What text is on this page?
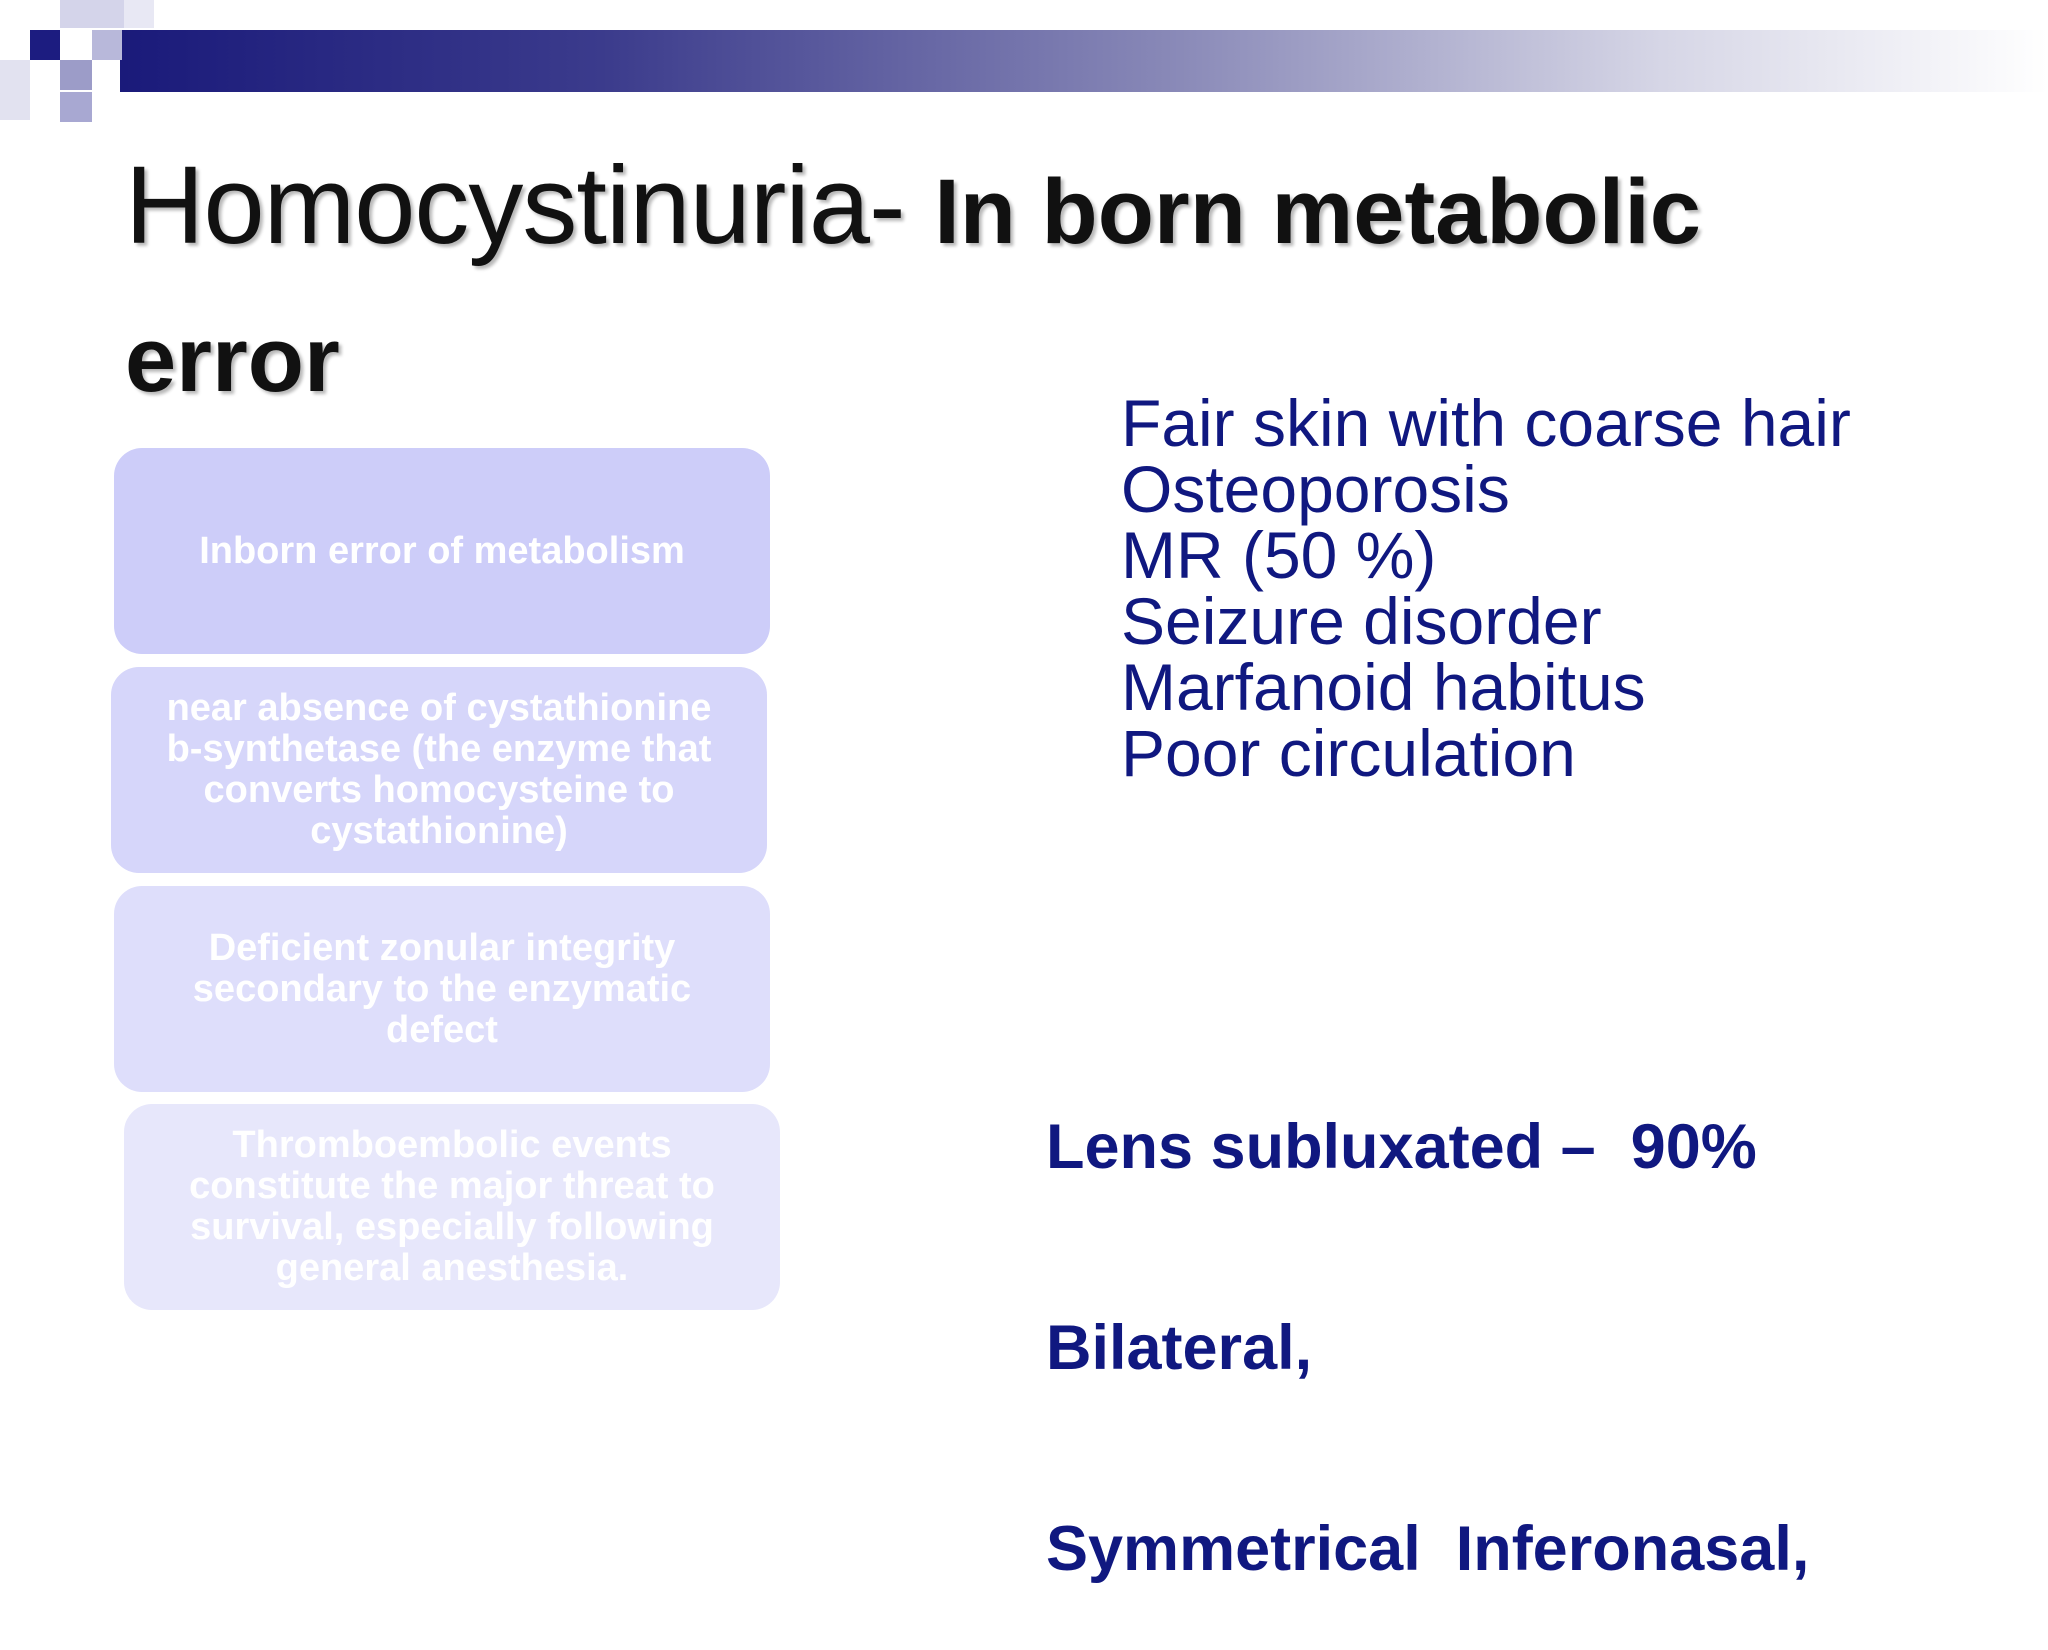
Homocystinuria- In born metabolic
error
Inborn error of metabolism
near absence of cystathionine b-synthetase (the enzyme that converts homocysteine to cystathionine)
Deficient zonular integrity secondary to the enzymatic defect
Thromboembolic events constitute the major threat to survival, especially following general anesthesia.
Fair skin with coarse hair
Osteoporosis
MR (50 %)
Seizure disorder
Marfanoid habitus
Poor circulation

Lens subluxated –  90%

Bilateral,

Symmetrical  Inferonasal,
